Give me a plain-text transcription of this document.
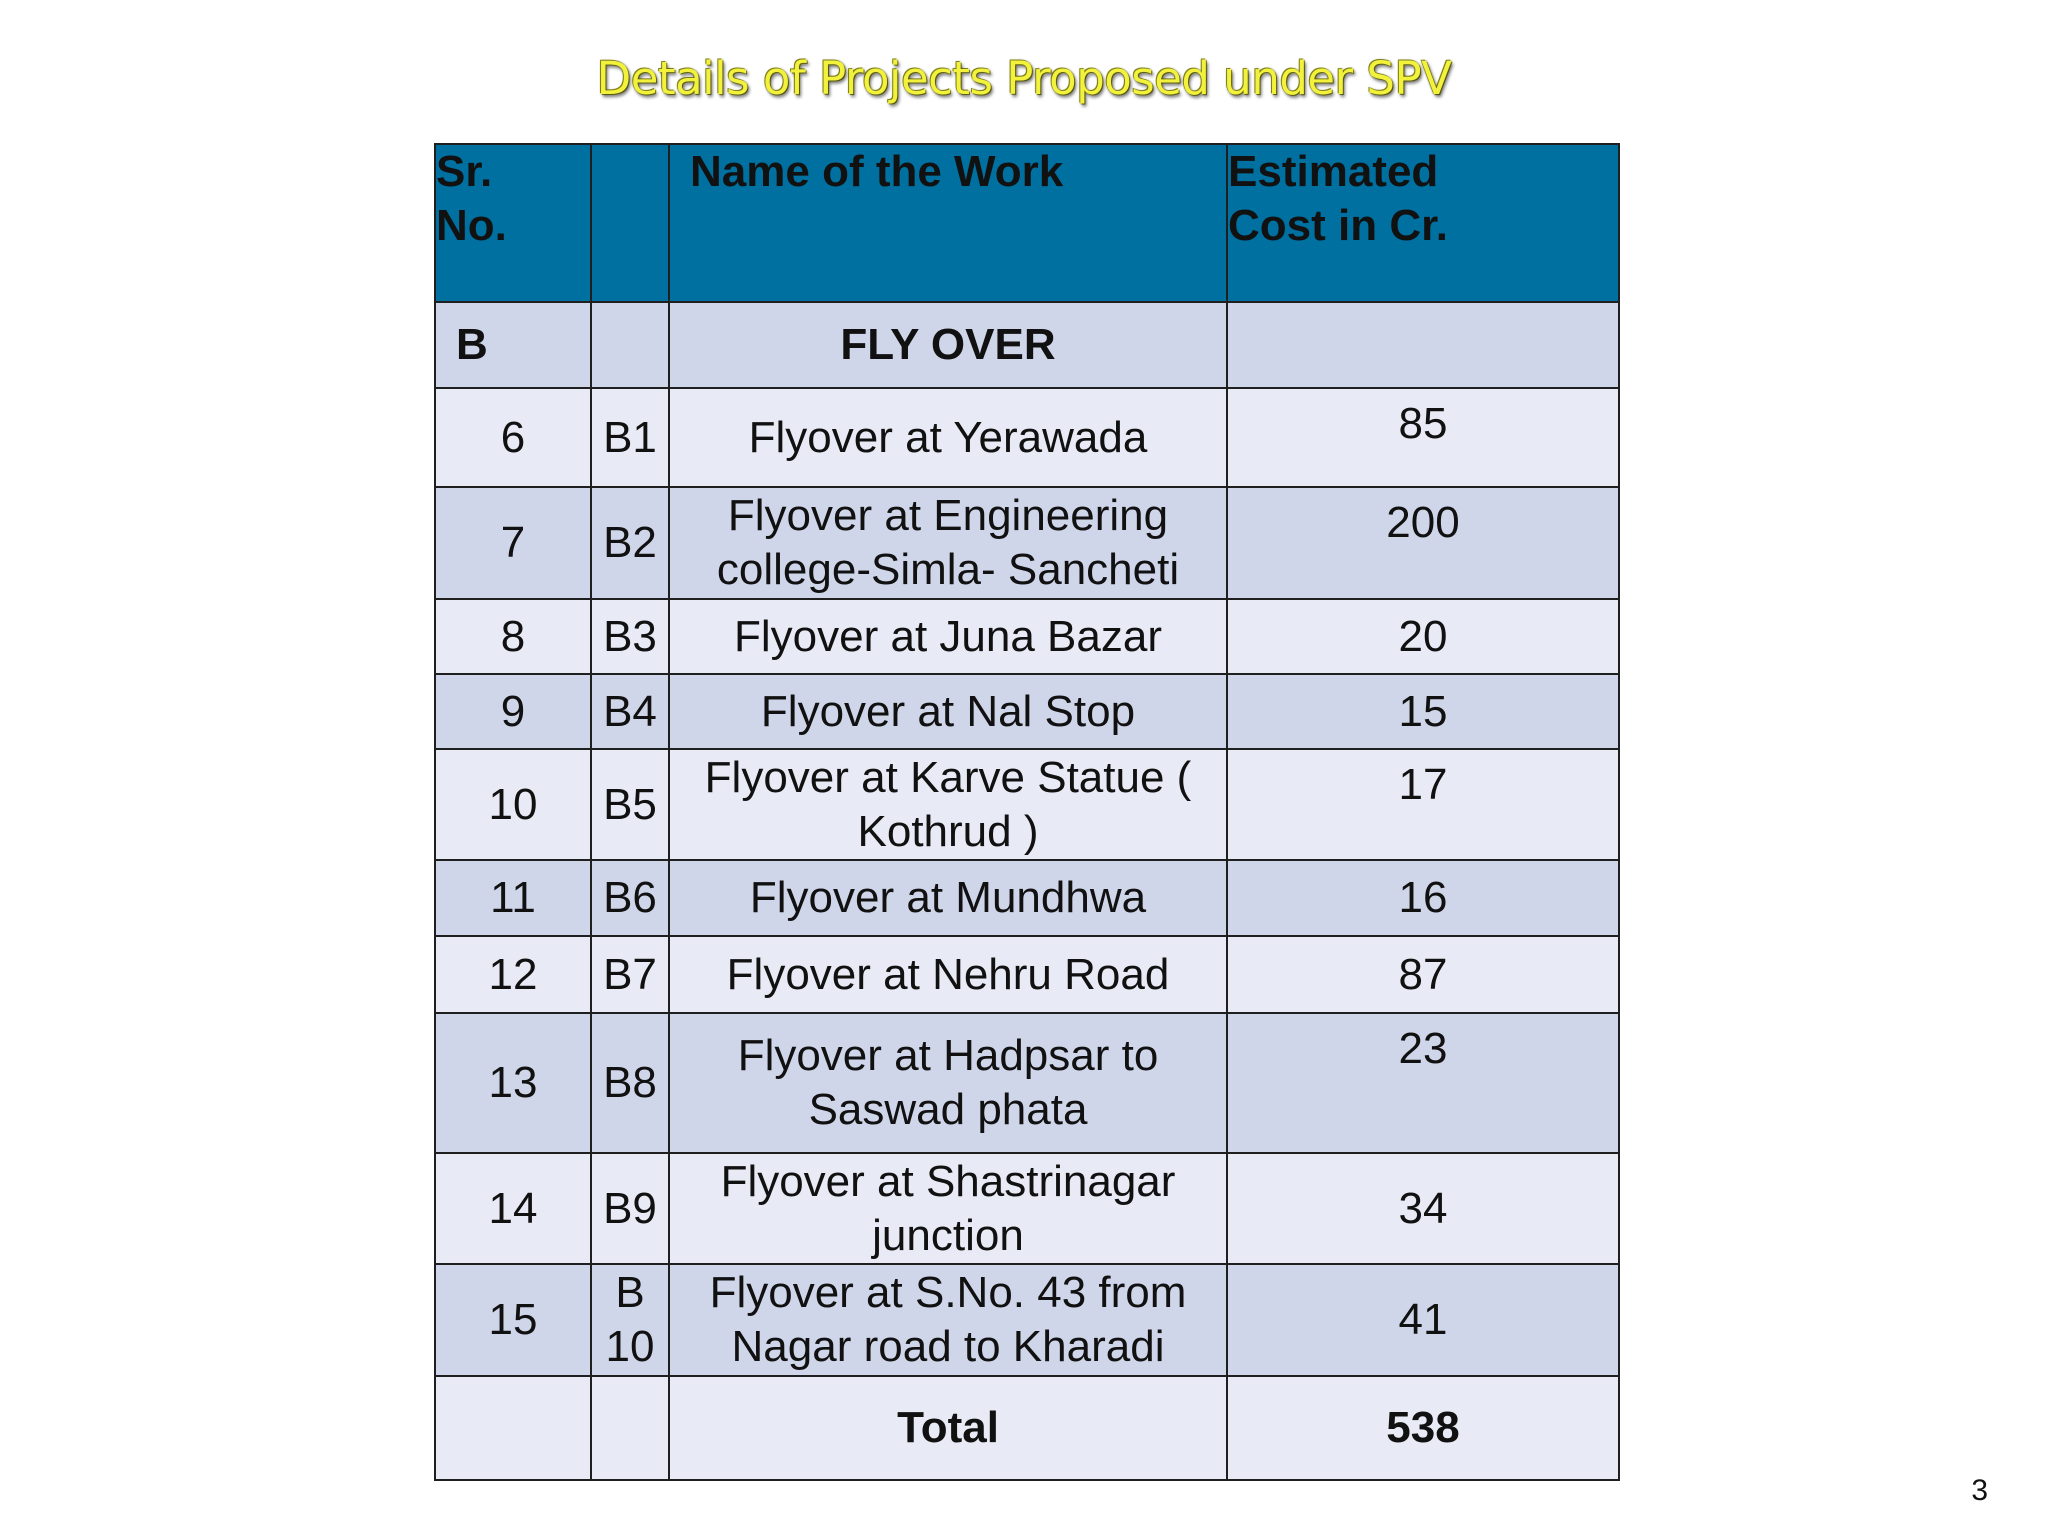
Details of Projects Proposed under SPV
Sr. No.		Name of the Work	Estimated Cost in Cr.

B		FLY OVER	
6	B1	Flyover at Yerawada	85
7	B2	Flyover at Engineering college-Simla- Sancheti	200
8	B3	Flyover at Juna Bazar	20
9	B4	Flyover at Nal Stop	15
10	B5	Flyover at Karve Statue ( Kothrud )	17
11	B6	Flyover at Mundhwa	16
12	B7	Flyover at Nehru Road	87
13	B8	Flyover at Hadpsar to Saswad phata	23
14	B9	Flyover at Shastrinagar junction	34
15	B10	Flyover at S.No. 43 from Nagar road to Kharadi	41
		Total	538
3
